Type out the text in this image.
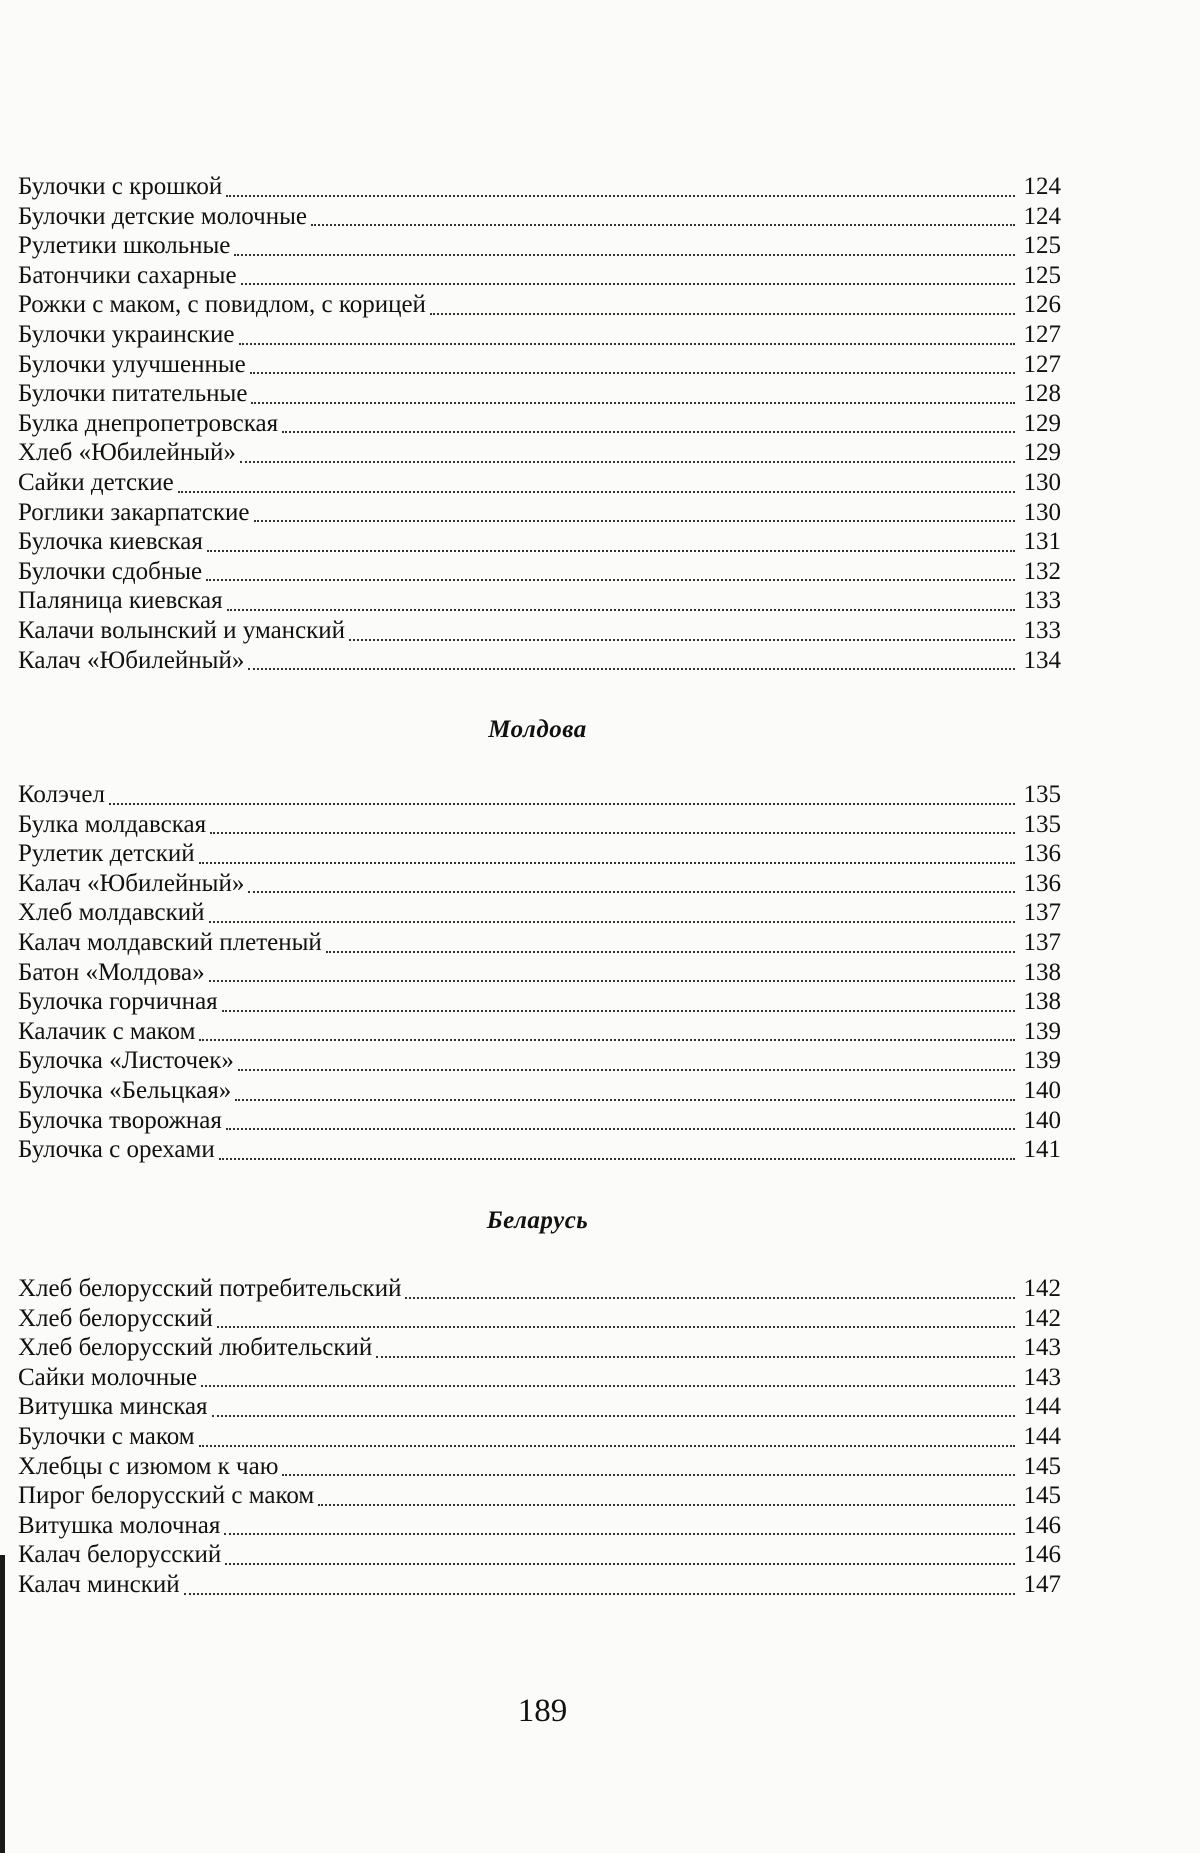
Булочки с крошкой	124
Булочки детские молочные	124
Рулетики школьные	125
Батончики сахарные	125
Рожки с маком, с повидлом, с корицей	126
Булочки украинские	127
Булочки улучшенные	127
Булочки питательные	128
Булка днепропетровская	129
Хлеб «Юбилейный»	129
Сайки детские	130
Роглики закарпатские	130
Булочка киевская	131
Булочки сдобные	132
Паляница киевская	133
Калачи волынский и уманский	133
Калач «Юбилейный»	134
Молдова
Колэчел	135
Булка молдавская	135
Рулетик детский	136
Калач «Юбилейный»	136
Хлеб молдавский	137
Калач молдавский плетеный	137
Батон «Молдова»	138
Булочка горчичная	138
Калачик с маком	139
Булочка «Листочек»	139
Булочка «Бельцкая»	140
Булочка творожная	140
Булочка с орехами	141
Беларусь
Хлеб белорусский потребительский	142
Хлеб белорусский	142
Хлеб белорусский любительский	143
Сайки молочные	143
Витушка минская	144
Булочки с маком	144
Хлебцы с изюмом к чаю	145
Пирог белорусский с маком	145
Витушка молочная	146
Калач белорусский	146
Калач минский	147
189
